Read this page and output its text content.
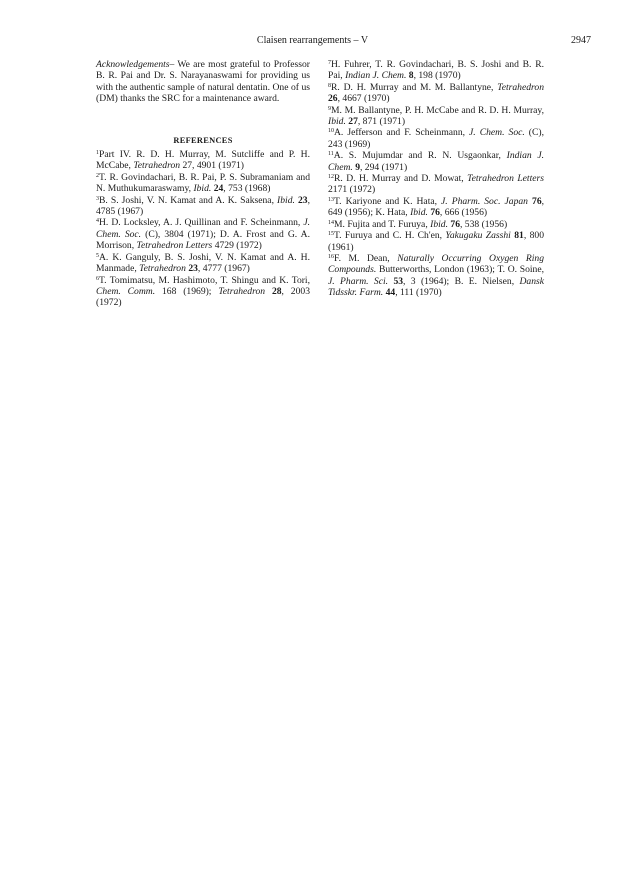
Claisen rearrangements – V	2947

Acknowledgements– We are most grateful to Professor B. R. Pai and Dr. S. Narayanaswami for providing us with the authentic sample of natural dentatin. One of us (DM) thanks the SRC for a maintenance award.

REFERENCES

$^1$Part IV. R. D. H. Murray, M. Sutcliffe and P. H. McCabe, Tetrahedron 27, 4901 (1971)

$^2$T. R. Govindachari, B. R. Pai, P. S. Subramaniam and N. Muthukumaraswamy, Ibid. 24, 753 (1968)

$^3$B. S. Joshi, V. N. Kamat and A. K. Saksena, Ibid. 23, 4785 (1967)

$^4$H. D. Locksley, A. J. Quillinan and F. Scheinmann, J. Chem. Soc. (C), 3804 (1971); D. A. Frost and G. A. Morrison, Tetrahedron Letters 4729 (1972)

$^5$A. K. Ganguly, B. S. Joshi, V. N. Kamat and A. H. Manmade, Tetrahedron 23, 4777 (1967)

$^6$T. Tomimatsu, M. Hashimoto, T. Shingu and K. Tori, Chem. Comm. 168 (1969); Tetrahedron 28, 2003 (1972)

$^7$H. Fuhrer, T. R. Govindachari, B. S. Joshi and B. R. Pai, Indian J. Chem. 8, 198 (1970)

$^8$R. D. H. Murray and M. M. Ballantyne, Tetrahedron 26, 4667 (1970)

$^9$M. M. Ballantyne, P. H. McCabe and R. D. H. Murray, Ibid. 27, 871 (1971)

$^{10}$A. Jefferson and F. Scheinmann, J. Chem. Soc. (C), 243 (1969)

$^{11}$A. S. Mujumdar and R. N. Usgaonkar, Indian J. Chem. 9, 294 (1971)

$^{12}$R. D. H. Murray and D. Mowat, Tetrahedron Letters 2171 (1972)

$^{13}$T. Kariyone and K. Hata, J. Pharm. Soc. Japan 76, 649 (1956); K. Hata, Ibid. 76, 666 (1956)

$^{14}$M. Fujita and T. Furuya, Ibid. 76, 538 (1956)

$^{15}$T. Furuya and C. H. Ch'en, Yakugaku Zasshi 81, 800 (1961)

$^{16}$F. M. Dean, Naturally Occurring Oxygen Ring Compounds. Butterworths, London (1963); T. O. Soine, J. Pharm. Sci. 53, 3 (1964); B. E. Nielsen, Dansk Tidsskr. Farm. 44, 111 (1970)
